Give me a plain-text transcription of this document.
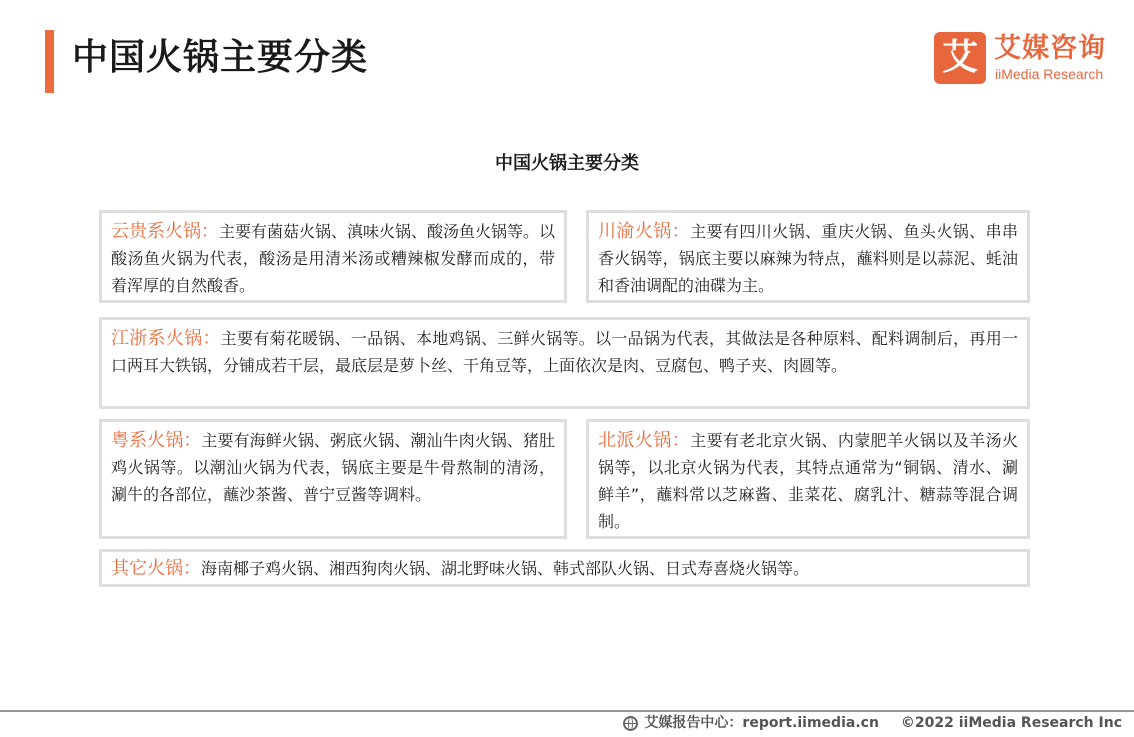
中国火锅主要分类	艾 艾媒咨询
iiMedia Research
中国火锅主要分类
云贵系火锅：主要有菌菇火锅、滇味火锅、酸汤鱼火锅等。以酸汤鱼火锅为代表，酸汤是用清米汤或糟辣椒发酵而成的，带着浑厚的自然酸香。
川渝火锅：主要有四川火锅、重庆火锅、鱼头火锅、串串香火锅等，锅底主要以麻辣为特点，蘸料则是以蒜泥、蚝油和香油调配的油碟为主。
江浙系火锅：主要有菊花暖锅、一品锅、本地鸡锅、三鲜火锅等。以一品锅为代表，其做法是各种原料、配料调制后，再用一口两耳大铁锅，分铺成若干层，最底层是萝卜丝、干角豆等，上面依次是肉、豆腐包、鸭子夹、肉圆等。
粤系火锅：主要有海鲜火锅、粥底火锅、潮汕牛肉火锅、猪肚鸡火锅等。以潮汕火锅为代表，锅底主要是牛骨熬制的清汤，涮牛的各部位，蘸沙茶酱、普宁豆酱等调料。
北派火锅：主要有老北京火锅、内蒙肥羊火锅以及羊汤火锅等，以北京火锅为代表，其特点通常为“铜锅、清水、涮鲜羊”，蘸料常以芝麻酱、韭菜花、腐乳汁、糖蒜等混合调制。
其它火锅：海南椰子鸡火锅、湘西狗肉火锅、湖北野味火锅、韩式部队火锅、日式寿喜烧火锅等。
艾媒报告中心：report.iimedia.cn ©2022 iiMedia Research Inc
